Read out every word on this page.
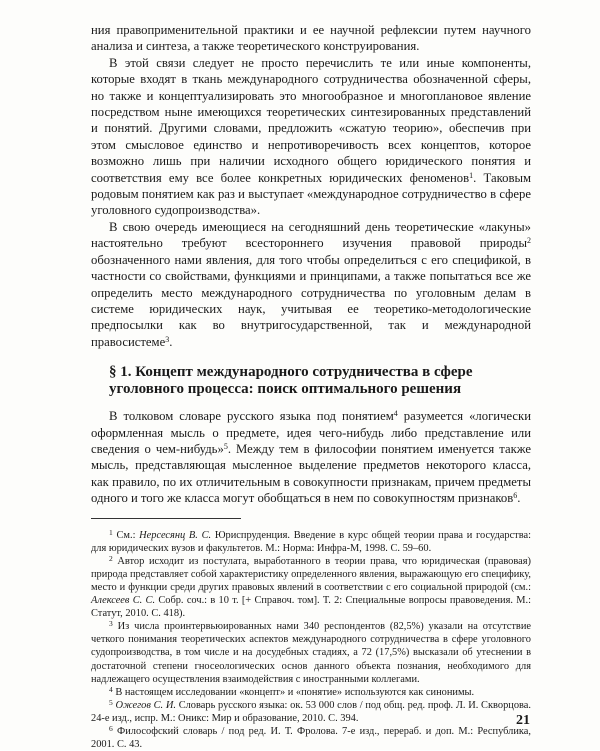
ния правоприменительной практики и ее научной рефлексии путем научного анализа и синтеза, а также теоретического конструирования.

В этой связи следует не просто перечислить те или иные компоненты, которые входят в ткань международного сотрудничества обозначенной сферы, но также и концептуализировать это многообразное и многоплановое явление посредством ныне имеющихся теоретических синтезированных представлений и понятий. Другими словами, предложить «сжатую теорию», обеспечив при этом смысловое единство и непротиворечивость всех концептов, которое возможно лишь при наличии исходного общего юридического понятия и соответствия ему все более конкретных юридических феноменов$^1$. Таковым родовым понятием как раз и выступает «международное сотрудничество в сфере уголовного судопроизводства».

В свою очередь имеющиеся на сегодняшний день теоретические «лакуны» настоятельно требуют всестороннего изучения правовой природы$^2$ обозначенного нами явления, для того чтобы определиться с его спецификой, в частности со свойствами, функциями и принципами, а также попытаться все же определить место международного сотрудничества по уголовным делам в системе юридических наук, учитывая ее теоретико-методологические предпосылки как во внутригосударственной, так и международной правосистеме$^3$.

§ 1. Концепт международного сотрудничества в сфере уголовного процесса: поиск оптимального решения

В толковом словаре русского языка под понятием$^4$ разумеется «логически оформленная мысль о предмете, идея чего-нибудь либо представление или сведения о чем-нибудь»$^5$. Между тем в философии понятием именуется также мысль, представляющая мысленное выделение предметов некоторого класса, как правило, по их отличительным в совокупности признакам, причем предметы одного и того же класса могут обобщаться в нем по совокупностям признаков$^6$.

$^1$ См.: Нерсесянц В. С. Юриспруденция. Введение в курс общей теории права и государства: для юридических вузов и факультетов. М.: Норма: Инфра-М, 1998. С. 59–60.

$^2$ Автор исходит из постулата, выработанного в теории права, что юридическая (правовая) природа представляет собой характеристику определенного явления, выражающую его специфику, место и функции среди других правовых явлений в соответствии с его социальной природой (см.: Алексеев С. С. Собр. соч.: в 10 т. [+ Справоч. том]. Т. 2: Специальные вопросы правоведения. М.: Статут, 2010. С. 418).

$^3$ Из числа проинтервьюированных нами 340 респондентов (82,5%) указали на отсутствие четкого понимания теоретических аспектов международного сотрудничества в сфере уголовного судопроизводства, в том числе и на досудебных стадиях, а 72 (17,5%) высказали об утеснении в достаточной степени гносеологических основ данного объекта познания, необходимого для надлежащего осуществления взаимодействия с иностранными коллегами.

$^4$ В настоящем исследовании «концепт» и «понятие» используются как синонимы.

$^5$ Ожегов С. И. Словарь русского языка: ок. 53 000 слов / под общ. ред. проф. Л. И. Скворцова. 24-е изд., испр. М.: Оникс: Мир и образование, 2010. С. 394.

$^6$ Философский словарь / под ред. И. Т. Фролова. 7-е изд., перераб. и доп. М.: Республика, 2001. С. 43.

21
